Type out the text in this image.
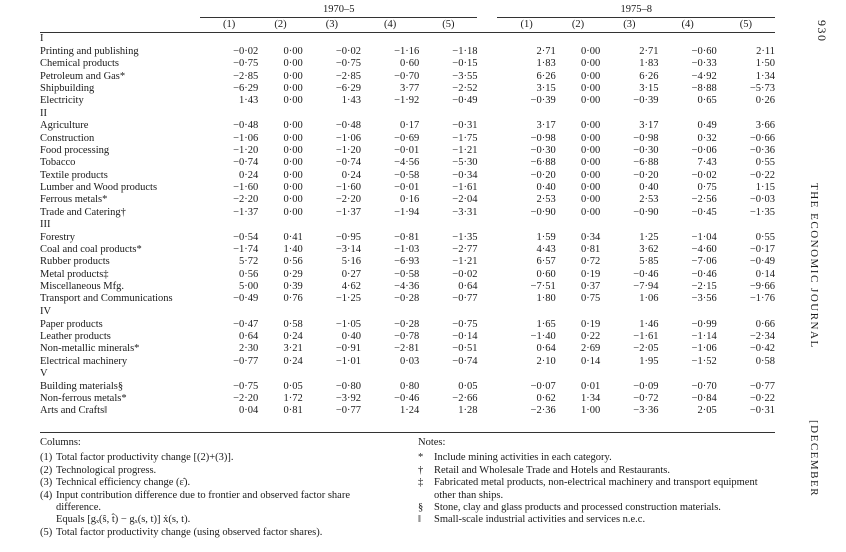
	1970–5						1975–8				
	(1)	(2)	(3)	(4)	(5)		(1)	(2)	(3)	(4)	(5)

I											
Printing and publishing	−0·02	0·00	−0·02	−1·16	−1·18		2·71	0·00	2·71	−0·60	2·11
Chemical products	−0·75	0·00	−0·75	0·60	−0·15		1·83	0·00	1·83	−0·33	1·50
Petroleum and Gas*	−2·85	0·00	−2·85	−0·70	−3·55		6·26	0·00	6·26	−4·92	1·34
Shipbuilding	−6·29	0·00	−6·29	3·77	−2·52		3·15	0·00	3·15	−8·88	−5·73
Electricity	1·43	0·00	1·43	−1·92	−0·49		−0·39	0·00	−0·39	0·65	0·26
II											
Agriculture	−0·48	0·00	−0·48	0·17	−0·31		3·17	0·00	3·17	0·49	3·66
Construction	−1·06	0·00	−1·06	−0·69	−1·75		−0·98	0·00	−0·98	0·32	−0·66
Food processing	−1·20	0·00	−1·20	−0·01	−1·21		−0·30	0·00	−0·30	−0·06	−0·36
Tobacco	−0·74	0·00	−0·74	−4·56	−5·30		−6·88	0·00	−6·88	7·43	0·55
Textile products	0·24	0·00	0·24	−0·58	−0·34		−0·20	0·00	−0·20	−0·02	−0·22
Lumber and Wood products	−1·60	0·00	−1·60	−0·01	−1·61		0·40	0·00	0·40	0·75	1·15
Ferrous metals*	−2·20	0·00	−2·20	0·16	−2·04		2·53	0·00	2·53	−2·56	−0·03
Trade and Catering†	−1·37	0·00	−1·37	−1·94	−3·31		−0·90	0·00	−0·90	−0·45	−1·35
III											
Forestry	−0·54	0·41	−0·95	−0·81	−1·35		1·59	0·34	1·25	−1·04	0·55
Coal and coal products*	−1·74	1·40	−3·14	−1·03	−2·77		4·43	0·81	3·62	−4·60	−0·17
Rubber products	5·72	0·56	5·16	−6·93	−1·21		6·57	0·72	5·85	−7·06	−0·49
Metal products‡	0·56	0·29	0·27	−0·58	−0·02		0·60	0·19	−0·46	−0·46	0·14
Miscellaneous Mfg.	5·00	0·39	4·62	−4·36	0·64		−7·51	0·37	−7·94	−2·15	−9·66
Transport and Communications	−0·49	0·76	−1·25	−0·28	−0·77		1·80	0·75	1·06	−3·56	−1·76
IV											
Paper products	−0·47	0·58	−1·05	−0·28	−0·75		1·65	0·19	1·46	−0·99	0·66
Leather products	0·64	0·24	0·40	−0·78	−0·14		−1·40	0·22	−1·61	−1·14	−2·34
Non-metallic minerals*	2·30	3·21	−0·91	−2·81	−0·51		0·64	2·69	−2·05	−1·06	−0·42
Electrical machinery	−0·77	0·24	−1·01	0·03	−0·74		2·10	0·14	1·95	−1·52	0·58
V											
Building materials§	−0·75	0·05	−0·80	0·80	0·05		−0·07	0·01	−0·09	−0·70	−0·77
Non-ferrous metals*	−2·20	1·72	−3·92	−0·46	−2·66		0·62	1·34	−0·72	−0·84	−0·22
Arts and Crafts‖	0·04	0·81	−0·77	1·24	1·28		−2·36	1·00	−3·36	2·05	−0·31
930
THE ECONOMIC JOURNAL
[DECEMBER
Columns:
(1) Total factor productivity change [(2)+(3)].
(2) Technological progress.
(3) Technical efficiency change (ε̇).
(4) Input contribution difference due to frontier and observed factor share
difference.
Equals [gₓ(ŝ, t̂) − gₓ(s, t)] ẋ(s, t).
(5) Total factor productivity change (using observed factor shares).
Notes:
*	Include mining activities in each category.
†	Retail and Wholesale Trade and Hotels and Restaurants.
‡	Fabricated metal products, non-electrical machinery and transport equipment other than ships.
§	Stone, clay and glass products and processed construction materials.
‖	Small-scale industrial activities and services n.e.c.
